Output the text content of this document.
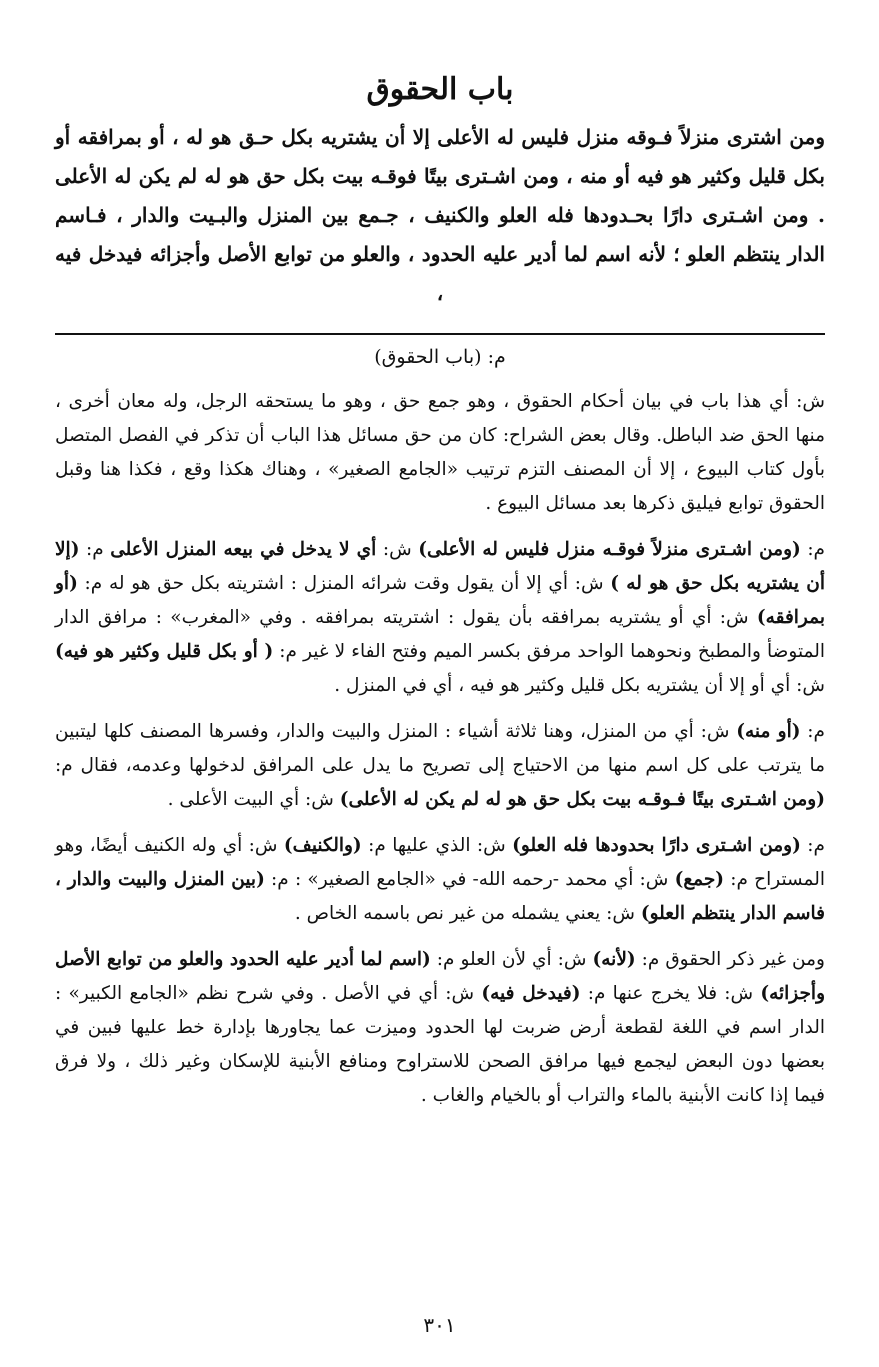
باب الحقوق

ومن اشترى منزلاً فـوقه منزل فليس له الأعلى إلا أن يشتريه بكل حـق هو له ، أو بمرافقه أو بكل قليل وكثير هو فيه أو منه ، ومن اشـترى بيتًا فوقـه بيت بكل حق هو له لم يكن له الأعلى . ومن اشـترى دارًا بحـدودها فله العلو والكنيف ، جـمع بين المنزل والبـيت والدار ، فـاسم الدار ينتظم العلو ؛ لأنه اسم لما أدير عليه الحدود ، والعلو من توابع الأصل وأجزائه فيدخل فيه ،

م: (باب الحقوق)

ش: أي هذا باب في بيان أحكام الحقوق ، وهو جمع حق ، وهو ما يستحقه الرجل، وله معان أخرى ، منها الحق ضد الباطل. وقال بعض الشراح: كان من حق مسائل هذا الباب أن تذكر في الفصل المتصل بأول كتاب البيوع ، إلا أن المصنف التزم ترتيب «الجامع الصغير» ، وهناك هكذا وقع ، فكذا هنا وقبل الحقوق توابع فيليق ذكرها بعد مسائل البيوع .

م: (ومن اشـترى منزلاً فوقـه منزل فليس له الأعلى) ش: أي لا يدخل في بيعه المنزل الأعلى م: (إلا أن يشتريه بكل حق هو له ) ش: أي إلا أن يقول وقت شرائه المنزل : اشتريته بكل حق هو له م: (أو بمرافقه) ش: أي أو يشتريه بمرافقه بأن يقول : اشتريته بمرافقه . وفي «المغرب» : مرافق الدار المتوضأ والمطبخ ونحوهما الواحد مرفق بكسر الميم وفتح الفاء لا غير م: ( أو بكل قليل وكثير هو فيه) ش: أي أو إلا أن يشتريه بكل قليل وكثير هو فيه ، أي في المنزل .

م: (أو منه) ش: أي من المنزل، وهنا ثلاثة أشياء : المنزل والبيت والدار، وفسرها المصنف كلها ليتبين ما يترتب على كل اسم منها من الاحتياج إلى تصريح ما يدل على المرافق لدخولها وعدمه، فقال م: (ومن اشـترى بيتًا فـوقـه بيت بكل حق هو له لم يكن له الأعلى) ش: أي البيت الأعلى .

م: (ومن اشـترى دارًا بحدودها فله العلو) ش: الذي عليها م: (والكنيف) ش: أي وله الكنيف أيضًا، وهو المستراح م: (جمع) ش: أي محمد -رحمه الله- في «الجامع الصغير» : م: (بين المنزل والبيت والدار ، فاسم الدار ينتظم العلو) ش: يعني يشمله من غير نص باسمه الخاص .

ومن غير ذكر الحقوق م: (لأنه) ش: أي لأن العلو م: (اسم لما أدير عليه الحدود والعلو من توابع الأصل وأجزائه) ش: فلا يخرج عنها م: (فيدخل فيه) ش: أي في الأصل . وفي شرح نظم «الجامع الكبير» : الدار اسم في اللغة لقطعة أرض ضربت لها الحدود وميزت عما يجاورها بإدارة خط عليها فبين في بعضها دون البعض ليجمع فيها مرافق الصحن للاستراوح ومنافع الأبنية للإسكان وغير ذلك ، ولا فرق فيما إذا كانت الأبنية بالماء والتراب أو بالخيام والغاب .

٣٠١
